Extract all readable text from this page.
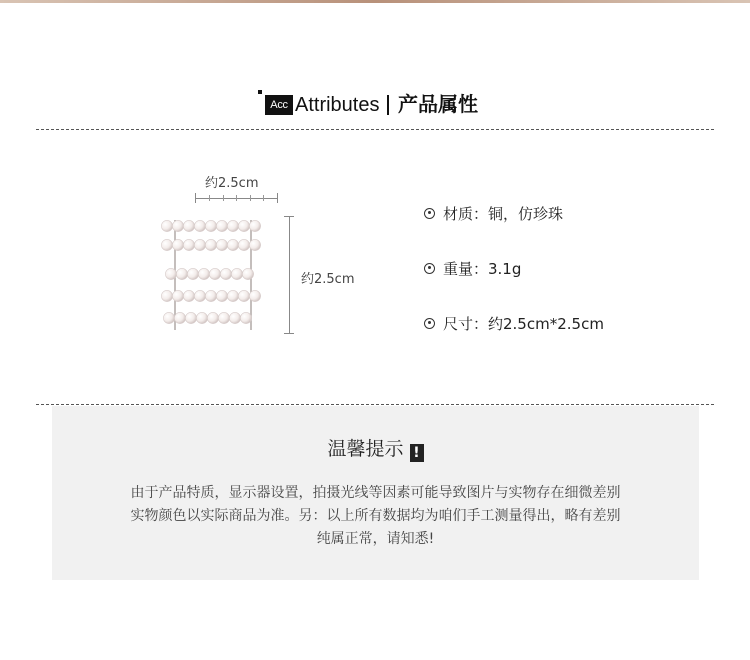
Acc Attributes 产品属性
约2.5cm
约2.5cm
材质：铜，仿珍珠
重量：3.1g
尺寸：约2.5cm*2.5cm
温馨提示 !
由于产品特质，显示器设置，拍摄光线等因素可能导致图片与实物存在细微差别
实物颜色以实际商品为准。另：以上所有数据均为咱们手工测量得出，略有差别
纯属正常，请知悉!
